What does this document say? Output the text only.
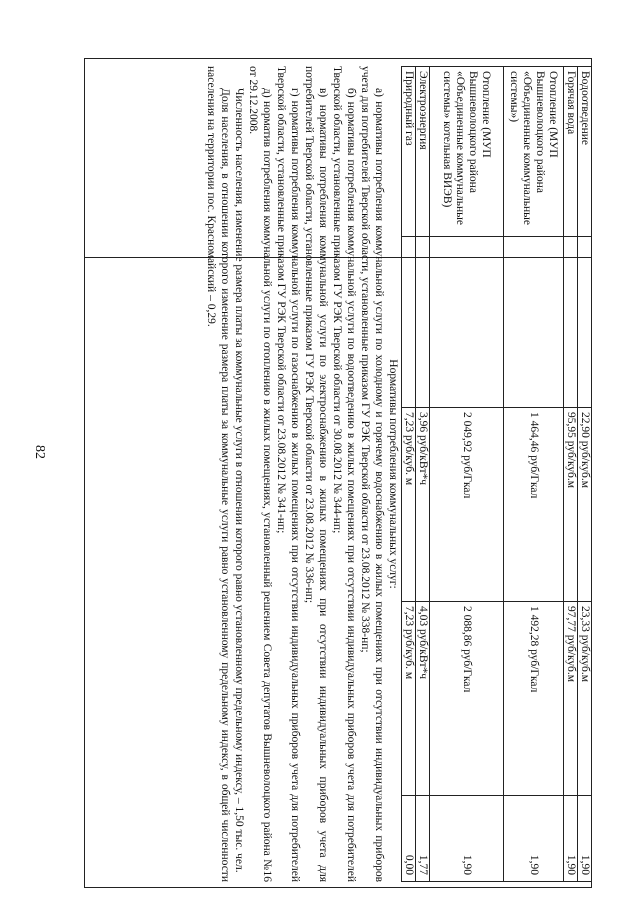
82
Водоотведение		22,90 руб/куб.м	23,33 руб/куб.м	1,90
Горячая вода		95,95 руб/куб.м	97,77 руб/куб.м	1,90
Отопление (МУП Вышневолоцкого района «Объединенные коммунальные системы»)		1 464,46 руб/Гкал	1 492,28 руб/Гкал	1,90
Отопление (МУП Вышневолоцкого района «Объединенные коммунальные системы» котельная ВИЭВ)		2 049,92 руб/Гкал	2 088,86 руб/Гкал	1,90
Электроэнергия		3,96 руб/кВт*ч	4,03 руб/кВт*ч	1,77
Природный газ		7,23 руб/куб. м	7,23 руб/куб. м	0,00

Нормативы потребления коммунальных услуг:

а) нормативы потребления коммунальной услуги по холодному и горячему водоснабжению в жилых помещениях при отсутствии индивидуальных приборов учета для потребителей Тверской области, установленные приказом ГУ РЭК Тверской области от 23.08.2012 № 338-нп;

б) нормативы потребления коммунальной услуги по водоотведению в жилых помещениях при отсутствии индивидуальных приборов учета для потребителей Тверской области, установленные приказом ГУ РЭК Тверской области от 30.08.2012 № 344-нп;

в) нормативы потребления коммунальной услуги по электроснабжению в жилых помещениях при отсутствии индивидуальных приборов учета для потребителей Тверской области, установленные приказом ГУ РЭК Тверской области от 23.08.2012 № 336-нп;

г) нормативы потребления коммунальной услуги по газоснабжению в жилых помещениях при отсутствии индивидуальных приборов учета для потребителей Тверской области, установленные приказом ГУ РЭК Тверской области от 23.08.2012 № 341-нп;

д) норматив потребления коммунальной услуги по отоплению в жилых помещениях, установленный решением Совета депутатов Вышневолоцкого района №16 от 29.12.2008.

Численность населения, изменение размера платы за коммунальные услуги в отношении которого равно установленному предельному индексу, – 1,50 тыс. чел.

Доля населения, в отношении которого изменение размера платы за коммунальные услуги равно установленному предельному индексу, в общей численности населения на территории пос. Красномайский – 0,29.
